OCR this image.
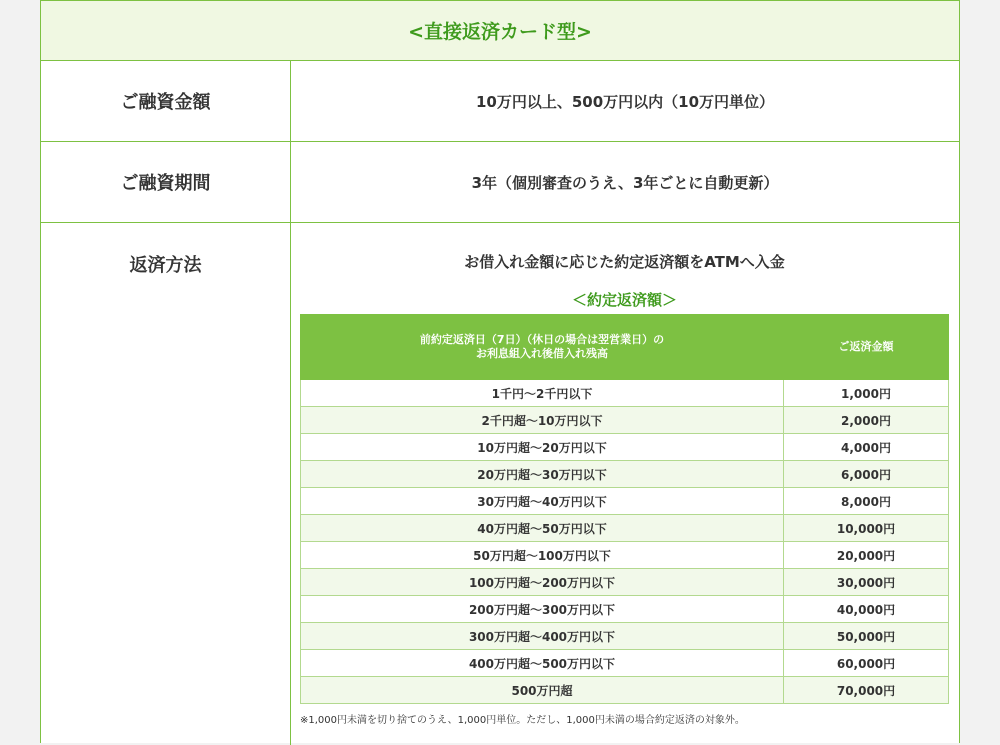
<直接返済カード型>
ご融資金額	10万円以上、500万円以内（10万円単位）
ご融資期間	3年（個別審査のうえ、3年ごとに自動更新）
返済方法	お借入れ金額に応じた約定返済額をATMへ入金
＜約定返済額＞
前約定返済日（7日）（休日の場合は翌営業日）の
お利息組入れ後借入れ残高	ご返済金額
1千円～2千円以下	1,000円
2千円超～10万円以下	2,000円
10万円超～20万円以下	4,000円
20万円超～30万円以下	6,000円
30万円超～40万円以下	8,000円
40万円超～50万円以下	10,000円
50万円超～100万円以下	20,000円
100万円超～200万円以下	30,000円
200万円超～300万円以下	40,000円
300万円超～400万円以下	50,000円
400万円超～500万円以下	60,000円
500万円超	70,000円
※1,000円未満を切り捨てのうえ、1,000円単位。ただし、1,000円未満の場合約定返済の対象外。
